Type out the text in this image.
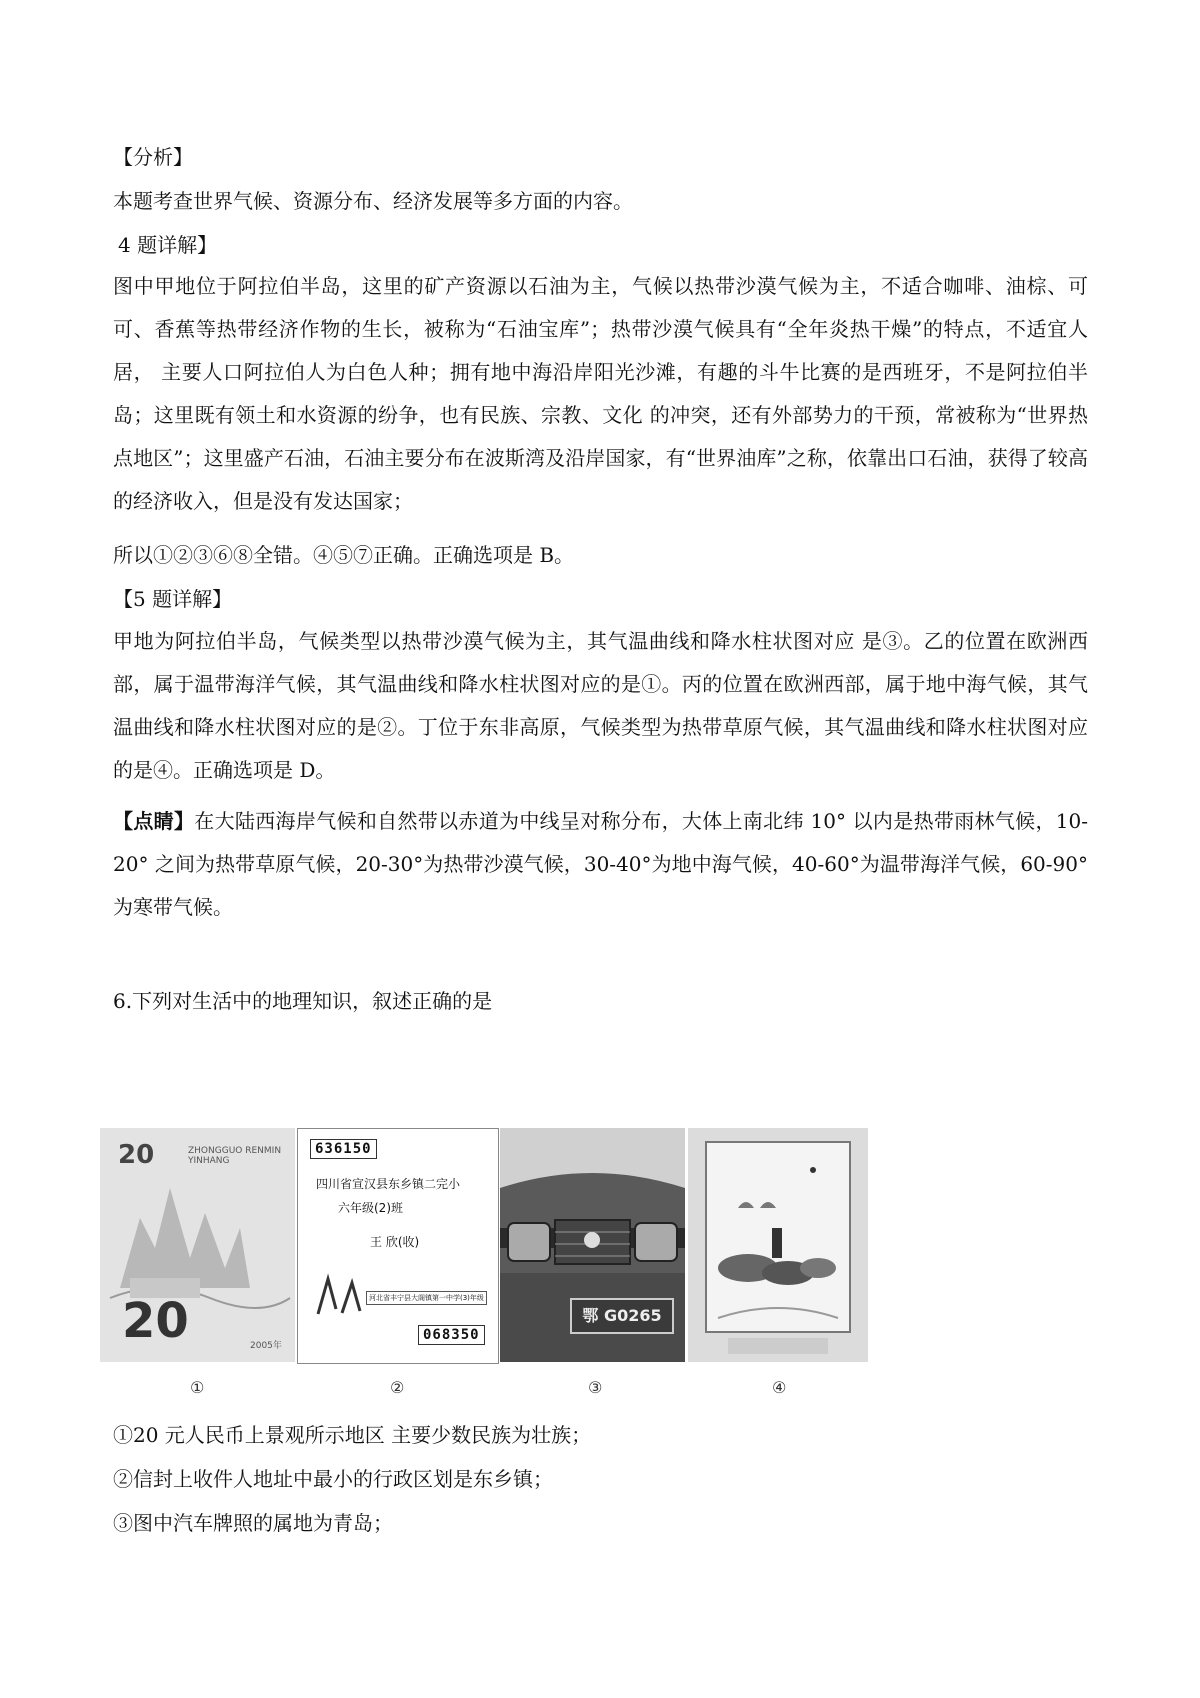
【分析】
本题考查世界气候、资源分布、经济发展等多方面的内容。
4 题详解】
图中甲地位于阿拉伯半岛，这里的矿产资源以石油为主，气候以热带沙漠气候为主，不适合咖啡、油棕、可可、香蕉等热带经济作物的生长，被称为“石油宝库”；热带沙漠气候具有“全年炎热干燥”的特点，不适宜人居， 主要人口阿拉伯人为白色人种；拥有地中海沿岸阳光沙滩，有趣的斗牛比赛的是西班牙，不是阿拉伯半岛；这里既有领土和水资源的纷争，也有民族、宗教、文化 的冲突，还有外部势力的干预，常被称为“世界热点地区”；这里盛产石油，石油主要分布在波斯湾及沿岸国家，有“世界油库”之称，依靠出口石油，获得了较高的经济收入，但是没有发达国家；
所以①②③⑥⑧全错。④⑤⑦正确。正确选项是 B。
【5 题详解】
甲地为阿拉伯半岛，气候类型以热带沙漠气候为主，其气温曲线和降水柱状图对应 是③。乙的位置在欧洲西部，属于温带海洋气候，其气温曲线和降水柱状图对应的是①。丙的位置在欧洲西部，属于地中海气候，其气温曲线和降水柱状图对应的是②。丁位于东非高原，气候类型为热带草原气候，其气温曲线和降水柱状图对应的是④。正确选项是 D。
【点睛】在大陆西海岸气候和自然带以赤道为中线呈对称分布，大体上南北纬 10° 以内是热带雨林气候，10-20° 之间为热带草原气候，20-30°为热带沙漠气候，30-40°为地中海气候，40-60°为温带海洋气候，60-90°为寒带气候。
6.下列对生活中的地理知识，叙述正确的是
20
20
ZHONGGUO RENMIN YINHANG
2005年
①
636150
四川省宣汉县东乡镇二完小
六年级(2)班
王 欣(收)
河北省丰宁县大阁镇第一中学(3)年级
068350
②
鄂 G0265
③	④
①20 元人民币上景观所示地区 主要少数民族为壮族；
②信封上收件人地址中最小的行政区划是东乡镇；
③图中汽车牌照的属地为青岛；
